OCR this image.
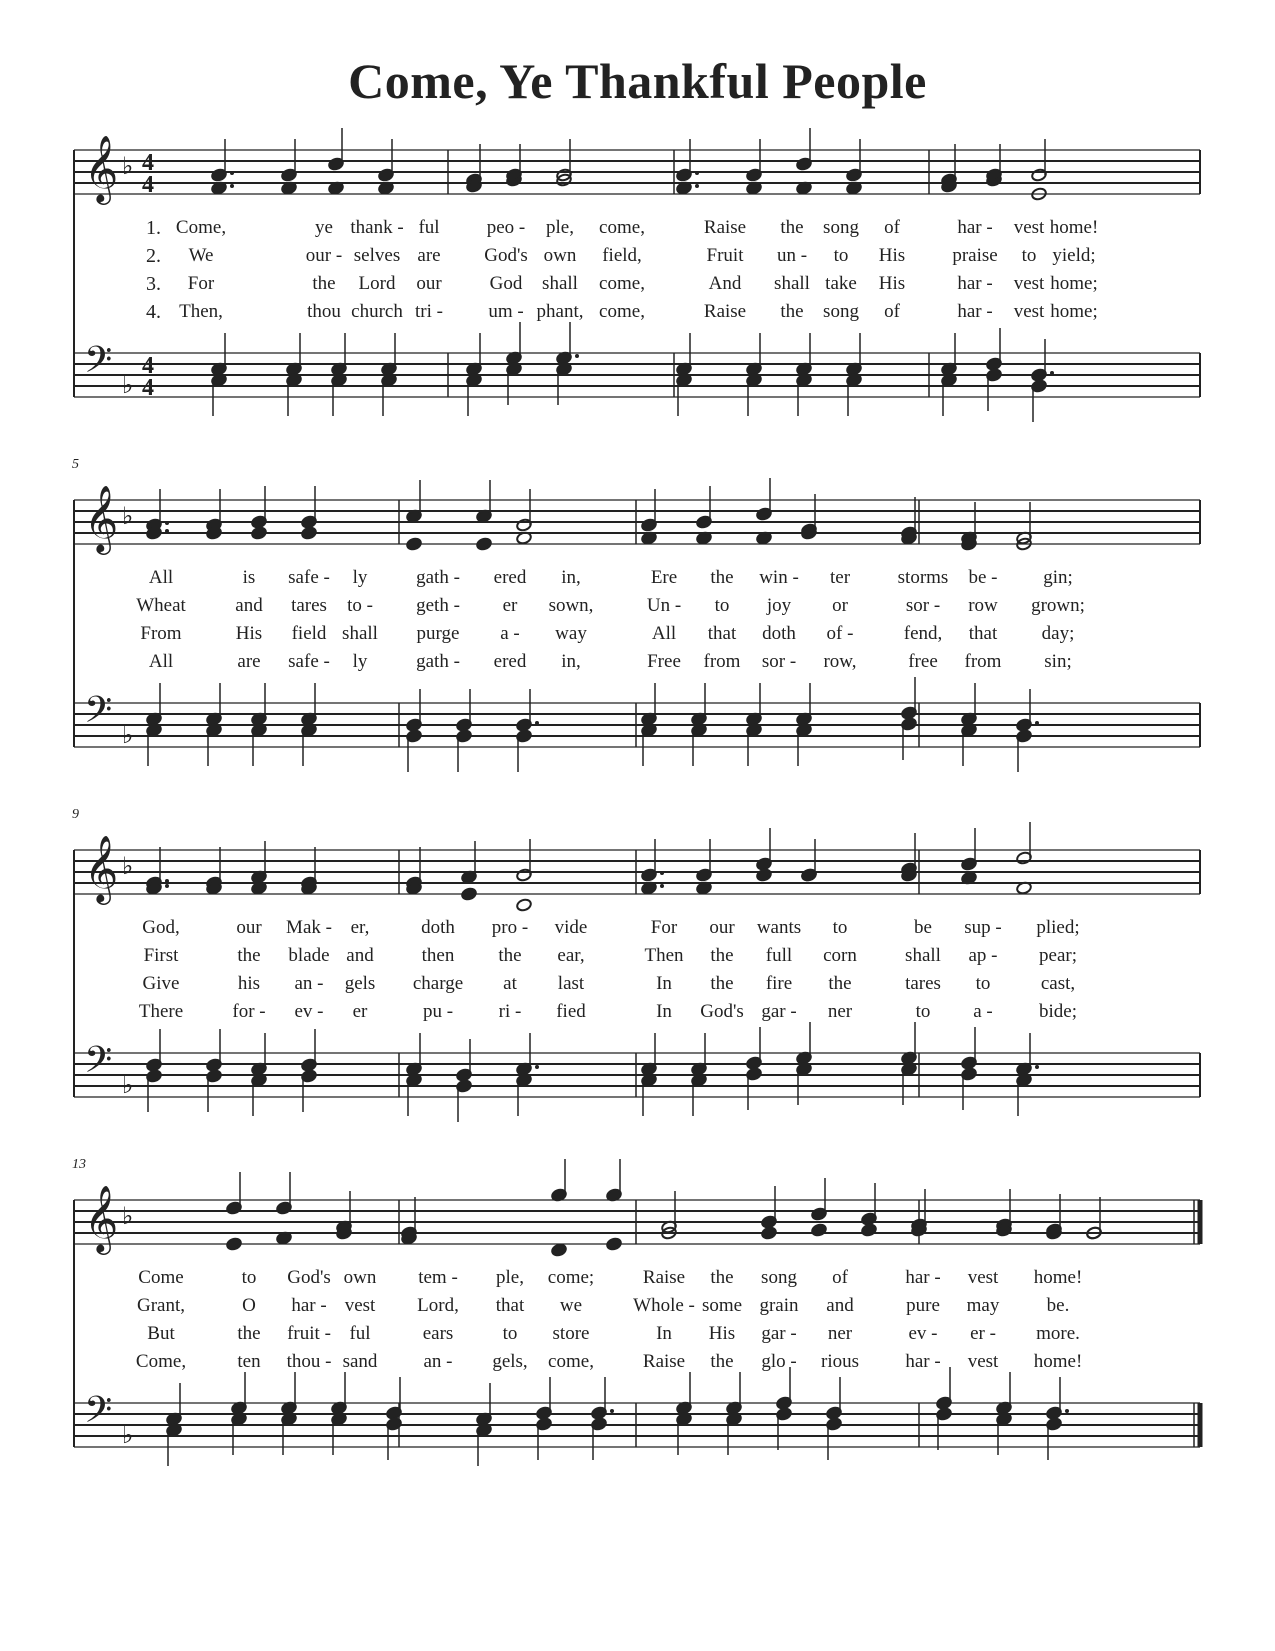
Come, Ye Thankful People
𝄞 ♭ 4
4
𝄢 ♭
4
4
1. Come,	ye thank - ful peo - ple, come,	Raise the song of	har - vest home!
2. We	our - selves are God's own field,	Fruit un - to His praise to yield;
3. For	the Lord our	God shall come,	And shall take His	har - vest home;
4. Then,	thou church tri - um - phant, come,	Raise the song of	har - vest home;
𝄞 ♭
𝄢 ♭
5
All	is safe - ly	gath - ered in,	Ere the win - ter	storms be - gin;
Wheat	and tares to - geth - er sown,	Un - to joy or	sor - row grown;
From	His field shall purge a - way	All that doth of -	fend, that day;
All	are safe - ly	gath - ered in,	Free from sor - row,	free from sin;
𝄞 ♭
𝄢 ♭
9
God,	our Mak - er,	doth pro - vide	For our wants to	be sup - plied;
First	the blade and	then the ear,	Then the full corn	shall ap - pear;
Give	his an - gels charge at last	In the fire the	tares to	cast,
There	for - ev - er	pu - ri - fied	In God's gar - ner	to a - bide;
𝄞 ♭
𝄢 ♭
13
Come	to God's own tem - ple, come;	Raise the song of	har - vest home!
Grant,	O har - vest Lord, that we	Whole - some grain and	pure may be.
But	the fruit - ful	ears	to store	In His gar - ner	ev - er - more.
Come,	ten thou - sand an - gels, come,	Raise the glo - rious har - vest home!
